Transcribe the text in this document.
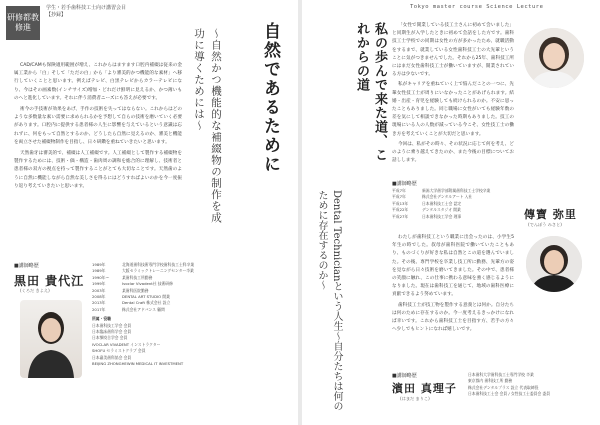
研修 都教
修進
学生・若手歯科技工士向け講習会目
【抄録】
自然であるために
〜自然かつ機能的な補綴物の制作を成功に導くためには〜

CAD/CAMも保険適用範囲が増え、これからはますます口腔内補綴は従来の金属工業から「白」そして「ただの白」から「より審美的かつ機能的な素材」へ移行していくことと思います。例えばテレビ、白黒テレビからカラーテレビになり、今はその画素数(インチサイズ)増加・どれだけ鮮明に見えるか、かつ薄いものへと進化しています。それに伴う消費者ニーズにも答えが必要です。

術今の手技術が効果をあげ、手作の技術を失ってはならない。これからはどのような多数量な素い需要に求められるかを予想して自らの技術を磨いていく必要があります。口腔内に提供する患者様の人生に影響を与えているという意識は忘れずに、何をもって自然とするのか、どうしたら自然に見えるのか、審美と機能を両立させた補綴物制作を目指し、日々研鑽を重ねていきたいと思います。

天然歯牙は審美的で、補綴は人工補綴です。人工補綴として製作する補綴物を製作するためには、技術・価・構造・歯肉周の調和を総合的に理解し、技術者と患者様の双方の視点を持って製作することがとても大切なことです。天然歯のように自然に機能しながら自然な美しさを得るにはどうすればよいのかを今一度振り返り考えていきたいと思います。

■講師略歴
黒田 貴代江
(くろだ きよえ)
1989年	北海道歯科技術専門学校歯科技工士科卒業
1989年	大阪セラミックトレーニングセンター卒業
1990年〜	某歯科技工所勤務
1999年	Ivoclar Vivadent社 技術研修
2003年	某歯科医院勤務
2008年	DENTAL ART STUDIO 開業
2013年	Dental Craft 株式会社 設立
2017年	株式会社アドバンス 顧問
所属・役職
日本歯科技工学会 会員
日本臨床歯科学会 会員
日本顎咬合学会 会員
IVOCLAR VIVADENT インストラクター
SHOFU セラミストクラブ 会員
日本審美歯科協会 会員
BEIJING ZHONGHEWIN MEDICAL IT INVESTMENT
Tokyo master course Science Lecture
私の歩んで来た道、これからの道
Dental Technicianという人生〜自分たちは何のために存在するのか〜

「女性で開業している技工士さんに初めて会いました」と同期生が入学したときに初めて会話をした方です。歯科技工士学校での同期は女性の方が多かったため、就職活動をするまで、就業している女性歯科技工士の大先輩ということに気がつきませんでした。それから25年、歯科技工所にはまだ女性歯科技工士が働いていますが、開業されている方は少ないです。

私がキャリアを重ねていく上で悩んだことの一つに、先輩女性技工士が周りにいなかったことがあげられます。結婚・出産・育児を経験しても続けられるのか。不安に思ったこともありました。同じ職場に女性がいても経験年数の差を気にして相談できなかった時期もありました。技工の現場にいる人の人数が減っている今こそ、女性技工士の働き方を考えていくことが大切だと思います。

今回は、私がその時々、その状況に応じて何を考え、どのように乗り越えてきたのか、また今後の目標についてお話しします。

■講師略歴
平成7年	新潟大学歯学部附属歯科技工士学校卒業
平成7年	株式会社デンタルアート 入社
平成13年	日本歯科技工士会 認定
平成22年	デンタルスタジオ 開業
平成27年	日本歯科技工学会 理事	傳寶 弥里
(でんぽう みさと)

わたしが歯科技工という職業に出会ったのは、小学生5年生の時でした。叔母が歯科医院で働いていたこともあり、ものづくりが好きな私は自然とこの道を選んでいました。その後、専門学校を卒業し技工所に勤務、先輩方の姿を見ながら日々技術を磨いてきました。その中で、患者様の笑顔に触れ、この仕事に携わる意味を強く感じるようになりました。現在は歯科技工を通じて、地域の歯科医療に貢献できるよう努めています。

歯科技工士が技工物を製作する意義とは何か。自分たちは何のために存在するのか。今一度考えるきっかけになれば幸いです。これから歯科技工士を目指す方、若手の方々へ少しでもヒントになれば嬉しいです。

■講師略歴
濱田 真理子
(はまだ まりこ)
日本歯科大学歯科技工士専門学校 卒業
東京都内 歯科技工所 勤務
株式会社デンタルプラス 設立 代表取締役
日本歯科技工士会 会員 / 女性技工士委員会 委員
